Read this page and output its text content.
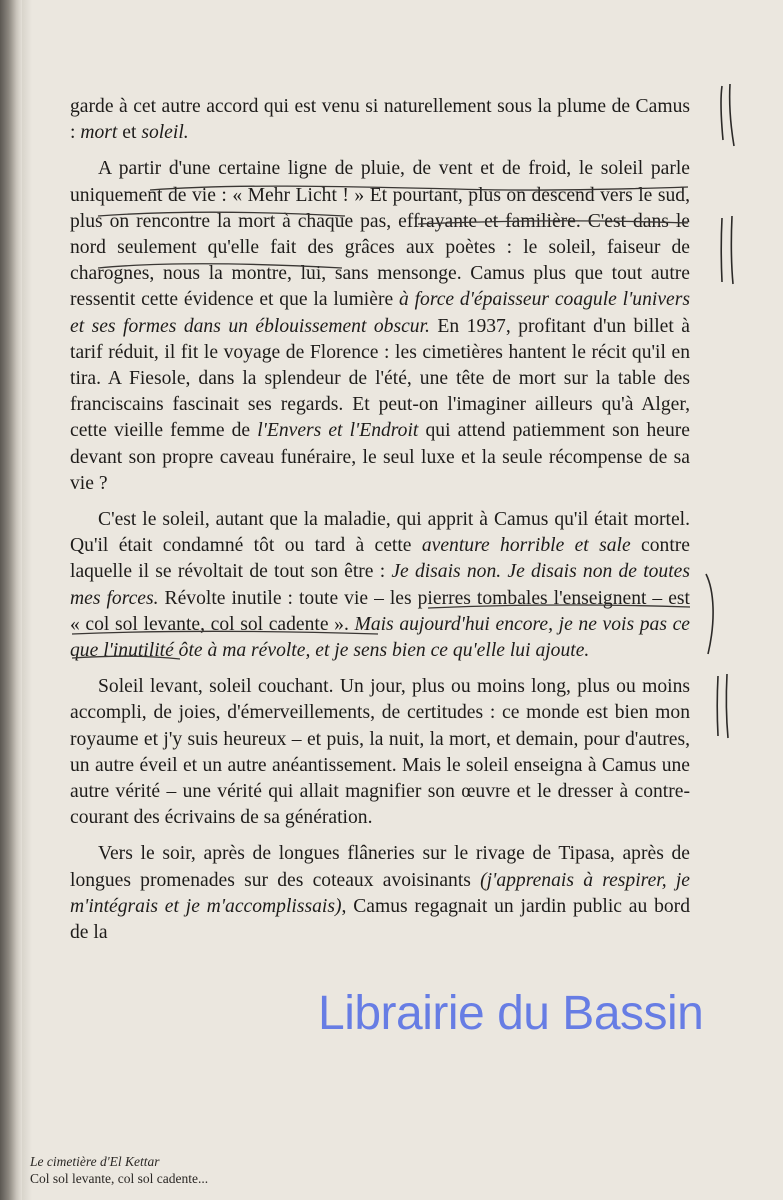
garde à cet autre accord qui est venu si naturellement sous la plume de Camus : mort et soleil.

A partir d'une certaine ligne de pluie, de vent et de froid, le soleil parle uniquement de vie : « Mehr Licht ! » Et pourtant, plus on descend vers le sud, plus on rencontre la mort à chaque pas, effrayante et familière. C'est dans le nord seulement qu'elle fait des grâces aux poètes : le soleil, faiseur de charognes, nous la montre, lui, sans mensonge. Camus plus que tout autre ressentit cette évidence et que la lumière à force d'épaisseur coagule l'univers et ses formes dans un éblouissement obscur. En 1937, profitant d'un billet à tarif réduit, il fit le voyage de Florence : les cimetières hantent le récit qu'il en tira. A Fiesole, dans la splendeur de l'été, une tête de mort sur la table des franciscains fascinait ses regards. Et peut-on l'imaginer ailleurs qu'à Alger, cette vieille femme de l'Envers et l'Endroit qui attend patiemment son heure devant son propre caveau funéraire, le seul luxe et la seule récompense de sa vie ?

C'est le soleil, autant que la maladie, qui apprit à Camus qu'il était mortel. Qu'il était condamné tôt ou tard à cette aventure horrible et sale contre laquelle il se révoltait de tout son être : Je disais non. Je disais non de toutes mes forces. Révolte inutile : toute vie – les pierres tombales l'enseignent – est « col sol levante, col sol cadente ». Mais aujourd'hui encore, je ne vois pas ce que l'inutilité ôte à ma révolte, et je sens bien ce qu'elle lui ajoute.

Soleil levant, soleil couchant. Un jour, plus ou moins long, plus ou moins accompli, de joies, d'émerveillements, de certitudes : ce monde est bien mon royaume et j'y suis heureux – et puis, la nuit, la mort, et demain, pour d'autres, un autre éveil et un autre anéantissement. Mais le soleil enseigna à Camus une autre vérité – une vérité qui allait magnifier son œuvre et le dresser à contre-courant des écrivains de sa génération.

Vers le soir, après de longues flâneries sur le rivage de Tipasa, après de longues promenades sur des coteaux avoisinants (j'apprenais à respirer, je m'intégrais et je m'accomplissais), Camus regagnait un jardin public au bord de la

Le cimetière d'El Kettar
Col sol levante, col sol cadente...
Librairie du Bassin
